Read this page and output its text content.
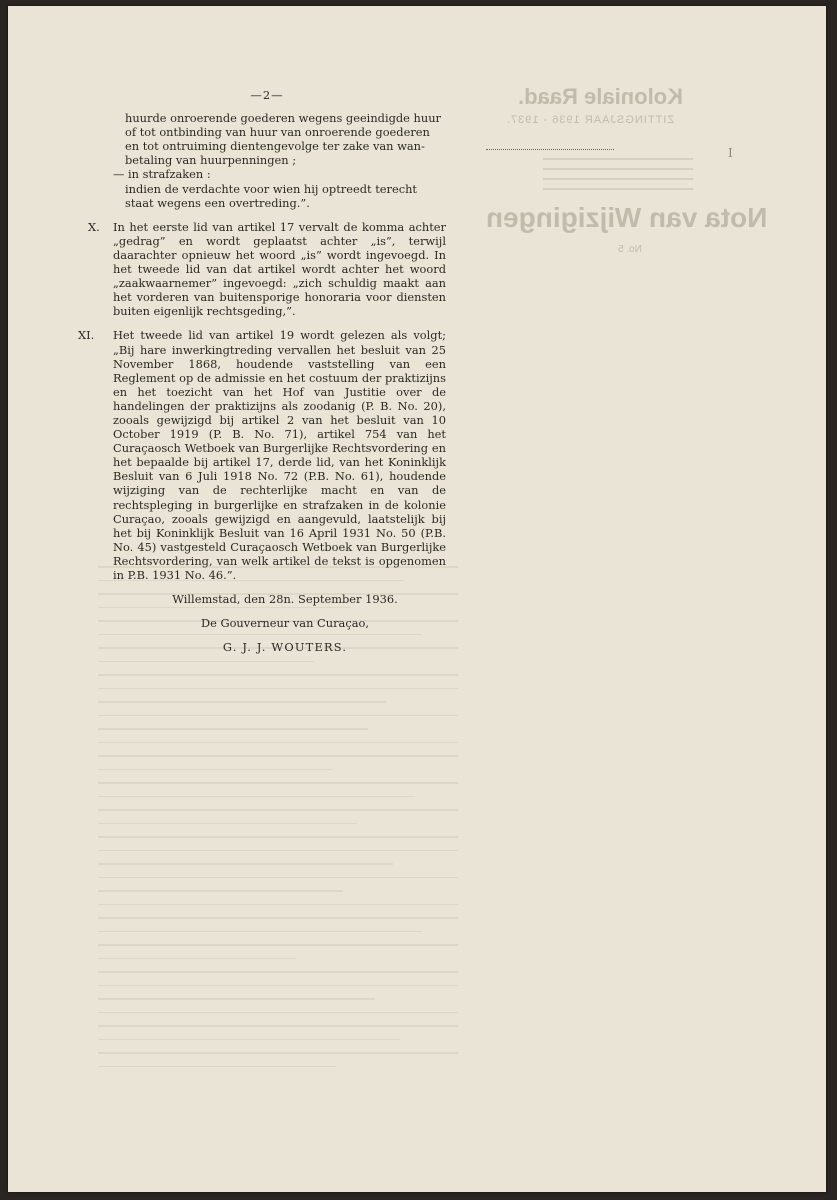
Koloniale Raad.
ZITTINGSJAAR 1936 - 1937.
Nota van Wijzigingen
No. 5
I
—2—

huurde onroerende goederen wegens geeindigde huur

of tot ontbinding van huur van onroerende goederen

en tot ontruiming dientengevolge ter zake van wan-

betaling van huurpenningen ;

— in strafzaken :

indien de verdachte voor wien hij optreedt terecht

staat wegens een overtreding.”.

X. In het eerste lid van artikel 17 vervalt de komma achter „gedrag” en wordt geplaatst achter „is”, terwijl daarachter opnieuw het woord „is” wordt ingevoegd. In het tweede lid van dat artikel wordt achter het woord „zaakwaarnemer” ingevoegd: „zich schuldig maakt aan het vorderen van buitensporige honoraria voor diensten buiten eigenlijk rechtsgeding,”.
XI. Het tweede lid van artikel 19 wordt gelezen als volgt; „Bij hare inwerkingtreding vervallen het besluit van 25 November 1868, houdende vaststelling van een Reglement op de admissie en het costuum der praktizijns en het toezicht van het Hof van Justitie over de handelingen der praktizijns als zoodanig (P. B. No. 20), zooals gewijzigd bij artikel 2 van het besluit van 10 October 1919 (P. B. No. 71), artikel 754 van het Curaçaosch Wetboek van Burgerlijke Rechtsvordering en het bepaalde bij artikel 17, derde lid, van het Koninklijk Besluit van 6 Juli 1918 No. 72 (P.B. No. 61), houdende wijziging van de rechterlijke macht en van de rechtspleging in burgerlijke en strafzaken in de kolonie Curaçao, zooals gewijzigd en aangevuld, laatstelijk bij het bij Koninklijk Besluit van 16 April 1931 No. 50 (P.B. No. 45) vastgesteld Curaçaosch Wetboek van Burgerlijke Rechtsvordering, van welk artikel de tekst is opgenomen in P.B. 1931 No. 46.”.
Willemstad, den 28n. September 1936.
De Gouverneur van Curaçao,
G. J. J. WOUTERS.
